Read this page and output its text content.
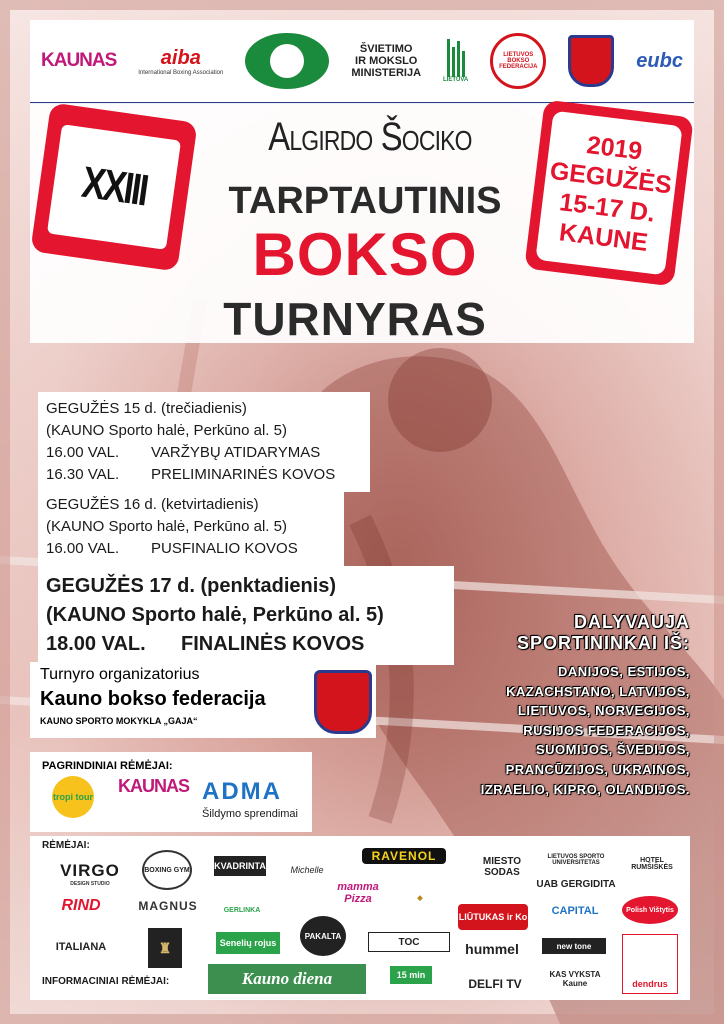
KAUNAS aiba
International Boxing Association
ŠVIETIMO
IR MOKSLO
MINISTERIJA
LIETUVA
LIETUVOS BOKSO FEDERACIJA	eubc
XXIII
Algirdo Šociko
TARPTAUTINIS
BOKSO
TURNYRAS
2019
GEGUŽĖS
15-17 D.
KAUNE
GEGUŽĖS 15 d. (trečiadienis)
(KAUNO Sporto halė, Perkūno al. 5)
16.00 VAL. VARŽYBŲ ATIDARYMAS
16.30 VAL. PRELIMINARINĖS KOVOS
GEGUŽĖS 16 d. (ketvirtadienis)
(KAUNO Sporto halė, Perkūno al. 5)
16.00 VAL. PUSFINALIO KOVOS
GEGUŽĖS 17 d. (penktadienis)
(KAUNO Sporto halė, Perkūno al. 5)
18.00 VAL. FINALINĖS KOVOS
Turnyro organizatorius
Kauno bokso federacija
KAUNO SPORTO MOKYKLA „GAJA“
DALYVAUJA
SPORTININKAI IŠ:
DANIJOS, ESTIJOS,
KAZACHSTANO, LATVIJOS,
LIETUVOS, NORVEGIJOS,
RUSIJOS FEDERACIJOS,
SUOMIJOS, ŠVEDIJOS,
PRANCŪZIJOS, UKRAINOS,
IZRAELIO, KIPRO, OLANDIJOS.
PAGRINDINIAI RĖMĖJAI:
tropi tour
KAUNAS ADMA
Šildymo sprendimai
RĖMĖJAI:
VIRGO
DESIGN STUDIO
BOXING GYM	KVADRINTA	Michelle
RAVENOL	MIESTO SODAS
LIETUVOS SPORTO UNIVERSITETAS	HOTEL RUMŠIŠKĖS
RIND	MAGNUS	GERLINKA
mamma Pizza	◆
UAB GERGIDITA
CAPITAL	Polish Vištytis
ITALIANA	♜	Senelių rojus
PAKALTA
TOC
LIŪTUKAS ir Ko
hummel	new tone
dendrus
INFORMACINIAI RĖMĖJAI:	Kauno diena	15 min
DELFI TV
KAS VYKSTA Kaune
